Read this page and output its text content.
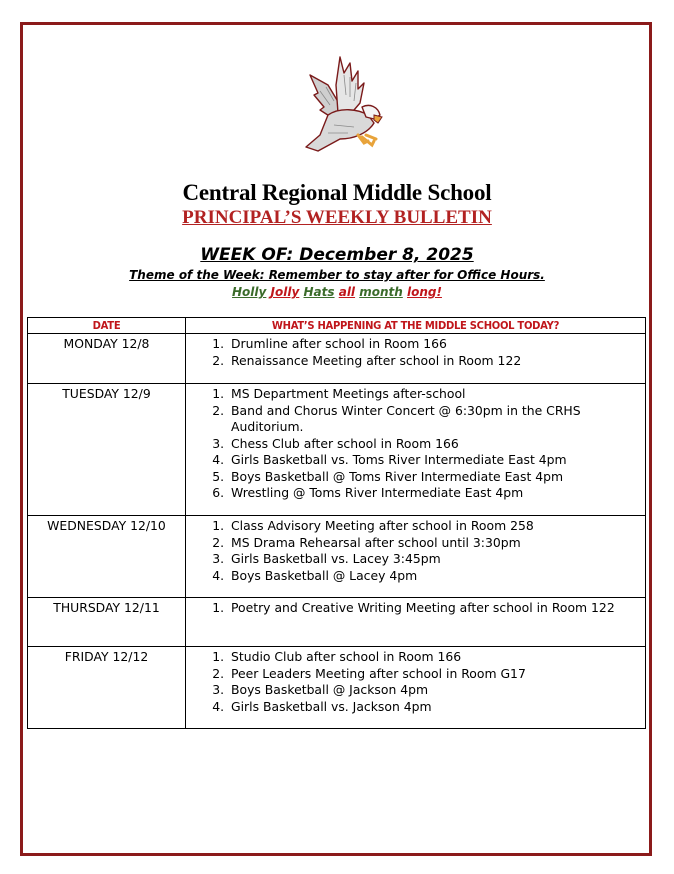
Central Regional Middle School
PRINCIPAL’S WEEKLY BULLETIN
WEEK OF: December 8, 2025
Theme of the Week: Remember to stay after for Office Hours.
Holly Jolly Hats all month long!
DATE	WHAT’S HAPPENING AT THE MIDDLE SCHOOL TODAY?
MONDAY 12/8	
1.Drumline after school in Room 166
2. Renaissance Meeting after school in Room 122

TUESDAY 12/9	
1.MS Department Meetings after-school
2. Band and Chorus Winter Concert @ 6:30pm in the CRHS Auditorium.
3. Chess Club after school in Room 166
4. Girls Basketball vs. Toms River Intermediate East 4pm
5. Boys Basketball @ Toms River Intermediate East 4pm
6. Wrestling @ Toms River Intermediate East 4pm

WEDNESDAY 12/10	
1.Class Advisory Meeting after school in Room 258
2. MS Drama Rehearsal after school until 3:30pm
3. Girls Basketball vs. Lacey 3:45pm
4. Boys Basketball @ Lacey 4pm

THURSDAY 12/11	
1.Poetry and Creative Writing Meeting after school in Room 122

FRIDAY 12/12	
1.Studio Club after school in Room 166
2. Peer Leaders Meeting after school in Room G17
3. Boys Basketball @ Jackson 4pm
4. Girls Basketball vs. Jackson 4pm
